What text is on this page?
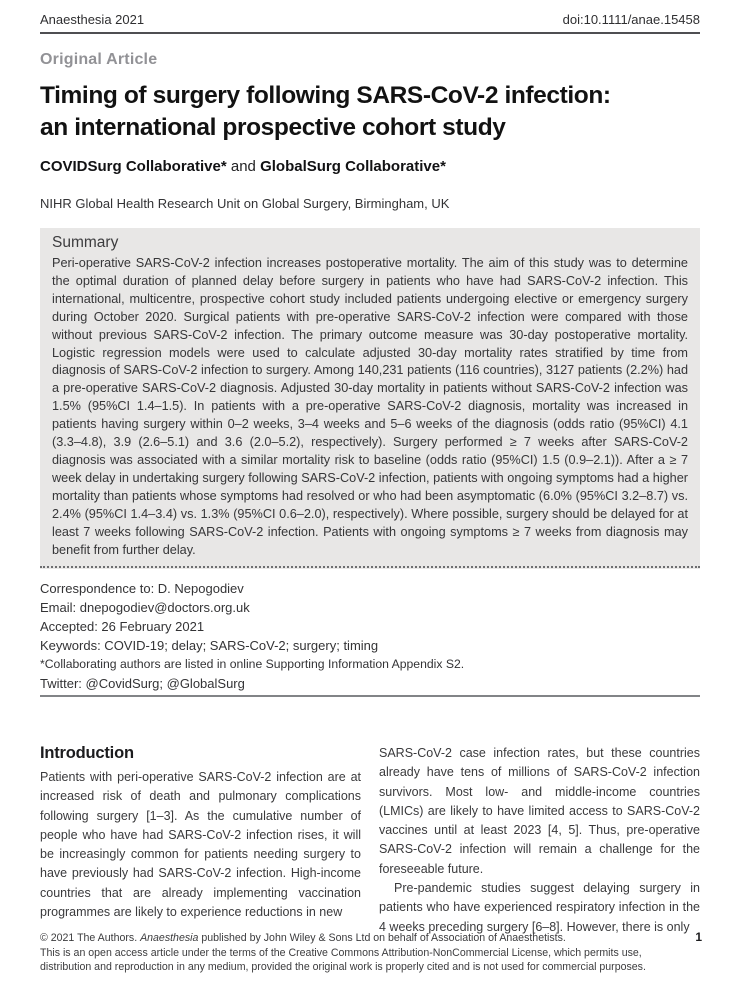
Anaesthesia 2021	doi:10.1111/anae.15458
Original Article
Timing of surgery following SARS-CoV-2 infection:
an international prospective cohort study

COVIDSurg Collaborative* and GlobalSurg Collaborative*

NIHR Global Health Research Unit on Global Surgery, Birmingham, UK

Summary

Peri-operative SARS-CoV-2 infection increases postoperative mortality. The aim of this study was to determine the optimal duration of planned delay before surgery in patients who have had SARS-CoV-2 infection. This international, multicentre, prospective cohort study included patients undergoing elective or emergency surgery during October 2020. Surgical patients with pre-operative SARS-CoV-2 infection were compared with those without previous SARS-CoV-2 infection. The primary outcome measure was 30-day postoperative mortality. Logistic regression models were used to calculate adjusted 30-day mortality rates stratified by time from diagnosis of SARS-CoV-2 infection to surgery. Among 140,231 patients (116 countries), 3127 patients (2.2%) had a pre-operative SARS-CoV-2 diagnosis. Adjusted 30-day mortality in patients without SARS-CoV-2 infection was 1.5% (95%CI 1.4–1.5). In patients with a pre-operative SARS-CoV-2 diagnosis, mortality was increased in patients having surgery within 0–2 weeks, 3–4 weeks and 5–6 weeks of the diagnosis (odds ratio (95%CI) 4.1 (3.3–4.8), 3.9 (2.6–5.1) and 3.6 (2.0–5.2), respectively). Surgery performed ≥ 7 weeks after SARS-CoV-2 diagnosis was associated with a similar mortality risk to baseline (odds ratio (95%CI) 1.5 (0.9–2.1)). After a ≥ 7 week delay in undertaking surgery following SARS-CoV-2 infection, patients with ongoing symptoms had a higher mortality than patients whose symptoms had resolved or who had been asymptomatic (6.0% (95%CI 3.2–8.7) vs. 2.4% (95%CI 1.4–3.4) vs. 1.3% (95%CI 0.6–2.0), respectively). Where possible, surgery should be delayed for at least 7 weeks following SARS-CoV-2 infection. Patients with ongoing symptoms ≥ 7 weeks from diagnosis may benefit from further delay.

Correspondence to: D. Nepogodiev

Email: dnepogodiev@doctors.org.uk

Accepted: 26 February 2021

Keywords: COVID-19; delay; SARS-CoV-2; surgery; timing

*Collaborating authors are listed in online Supporting Information Appendix S2.

Twitter: @CovidSurg; @GlobalSurg

Introduction

Patients with peri-operative SARS-CoV-2 infection are at increased risk of death and pulmonary complications following surgery [1–3]. As the cumulative number of people who have had SARS-CoV-2 infection rises, it will be increasingly common for patients needing surgery to have previously had SARS-CoV-2 infection. High-income countries that are already implementing vaccination programmes are likely to experience reductions in new

SARS-CoV-2 case infection rates, but these countries already have tens of millions of SARS-CoV-2 infection survivors. Most low- and middle-income countries (LMICs) are likely to have limited access to SARS-CoV-2 vaccines until at least 2023 [4, 5]. Thus, pre-operative SARS-CoV-2 infection will remain a challenge for the foreseeable future.

Pre-pandemic studies suggest delaying surgery in patients who have experienced respiratory infection in the 4 weeks preceding surgery [6–8]. However, there is only

© 2021 The Authors. Anaesthesia published by John Wiley & Sons Ltd on behalf of Association of Anaesthetists.

This is an open access article under the terms of the Creative Commons Attribution-NonCommercial License, which permits use,

distribution and reproduction in any medium, provided the original work is properly cited and is not used for commercial purposes.

1
